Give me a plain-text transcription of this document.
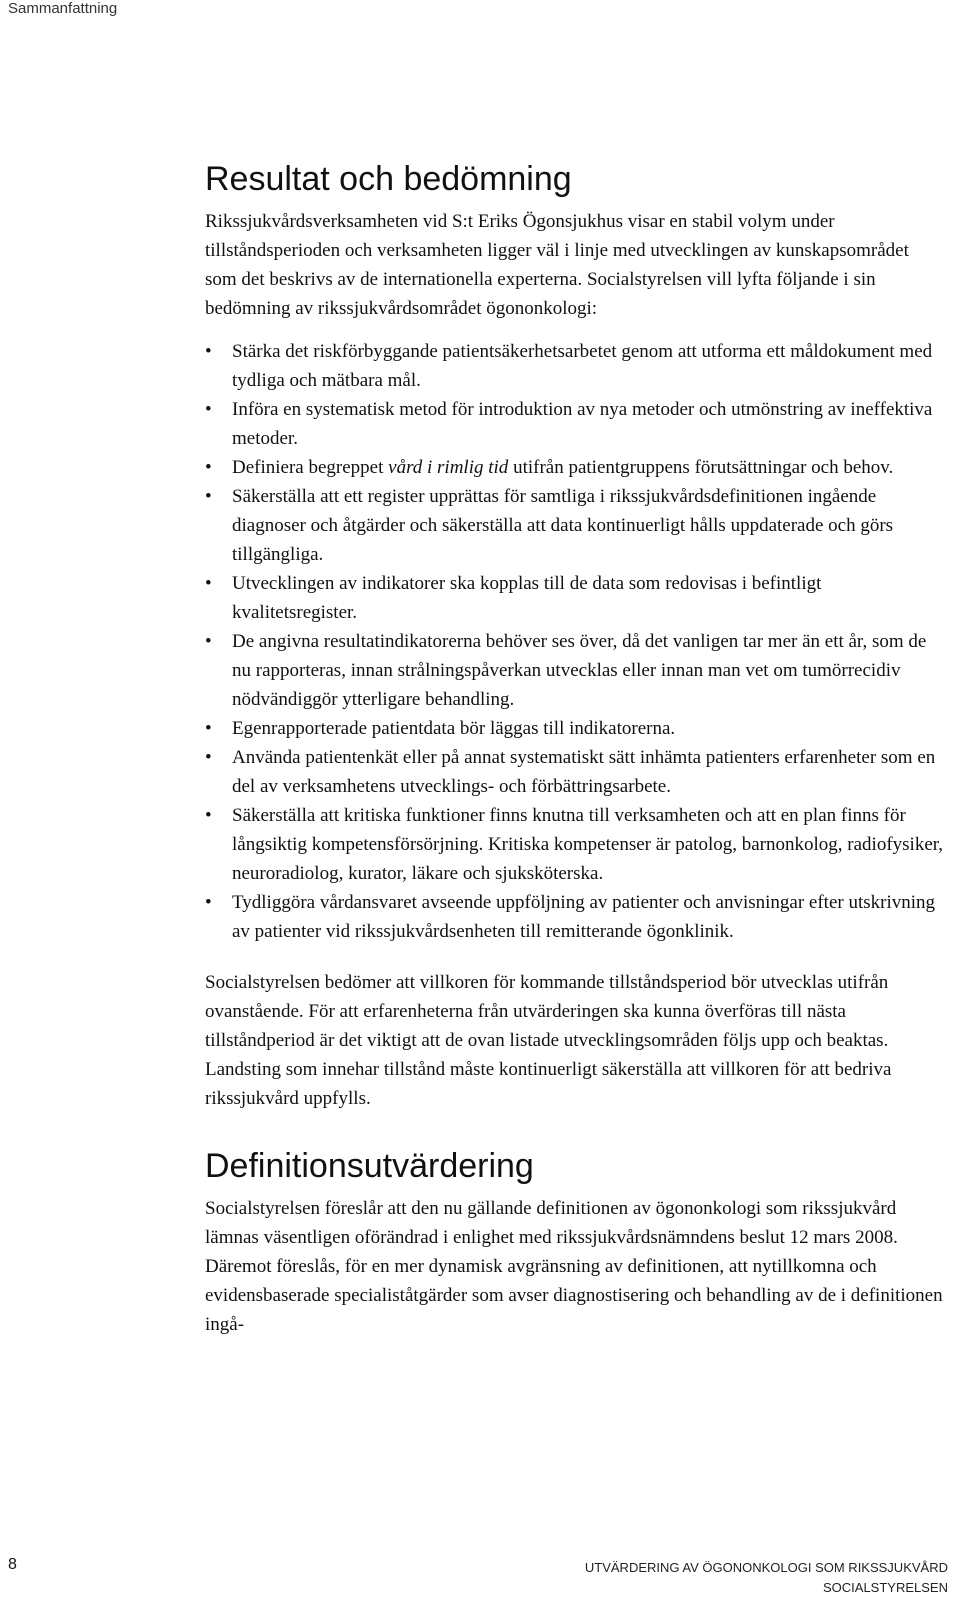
Sammanfattning
Resultat och bedömning

Rikssjukvårdsverksamheten vid S:t Eriks Ögonsjukhus visar en stabil volym under tillståndsperioden och verksamheten ligger väl i linje med utvecklingen av kunskapsområdet som det beskrivs av de internationella experterna. Socialstyrelsen vill lyfta följande i sin bedömning av rikssjukvårdsområdet ögononkologi:

• Stärka det riskförbyggande patientsäkerhetsarbetet genom att utforma ett måldokument med tydliga och mätbara mål.
• Införa en systematisk metod för introduktion av nya metoder och utmönstring av ineffektiva metoder.
• Definiera begreppet vård i rimlig tid utifrån patientgruppens förutsättningar och behov.
• Säkerställa att ett register upprättas för samtliga i rikssjukvårdsdefinitionen ingående diagnoser och åtgärder och säkerställa att data kontinuerligt hålls uppdaterade och görs tillgängliga.
• Utvecklingen av indikatorer ska kopplas till de data som redovisas i befintligt kvalitetsregister.
• De angivna resultatindikatorerna behöver ses över, då det vanligen tar mer än ett år, som de nu rapporteras, innan strålningspåverkan utvecklas eller innan man vet om tumörrecidiv nödvändiggör ytterligare behandling.
• Egenrapporterade patientdata bör läggas till indikatorerna.
• Använda patientenkät eller på annat systematiskt sätt inhämta patienters erfarenheter som en del av verksamhetens utvecklings- och förbättringsarbete.
• Säkerställa att kritiska funktioner finns knutna till verksamheten och att en plan finns för långsiktig kompetensförsörjning. Kritiska kompetenser är patolog, barnonkolog, radiofysiker, neuroradiolog, kurator, läkare och sjuksköterska.
• Tydliggöra vårdansvaret avseende uppföljning av patienter och anvisningar efter utskrivning av patienter vid rikssjukvårdsenheten till remitterande ögonklinik.

Socialstyrelsen bedömer att villkoren för kommande tillståndsperiod bör utvecklas utifrån ovanstående. För att erfarenheterna från utvärderingen ska kunna överföras till nästa tillståndperiod är det viktigt att de ovan listade utvecklingsområden följs upp och beaktas. Landsting som innehar tillstånd måste kontinuerligt säkerställa att villkoren för att bedriva rikssjukvård uppfylls.

Definitionsutvärdering

Socialstyrelsen föreslår att den nu gällande definitionen av ögononkologi som rikssjukvård lämnas väsentligen oförändrad i enlighet med rikssjukvårdsnämndens beslut 12 mars 2008. Däremot föreslås, för en mer dynamisk avgränsning av definitionen, att nytillkomna och evidensbaserade specialiståtgärder som avser diagnostisering och behandling av de i definitionen ingå-

8	UTVÄRDERING AV ÖGONONKOLOGI SOM RIKSSJUKVÅRD
SOCIALSTYRELSEN
